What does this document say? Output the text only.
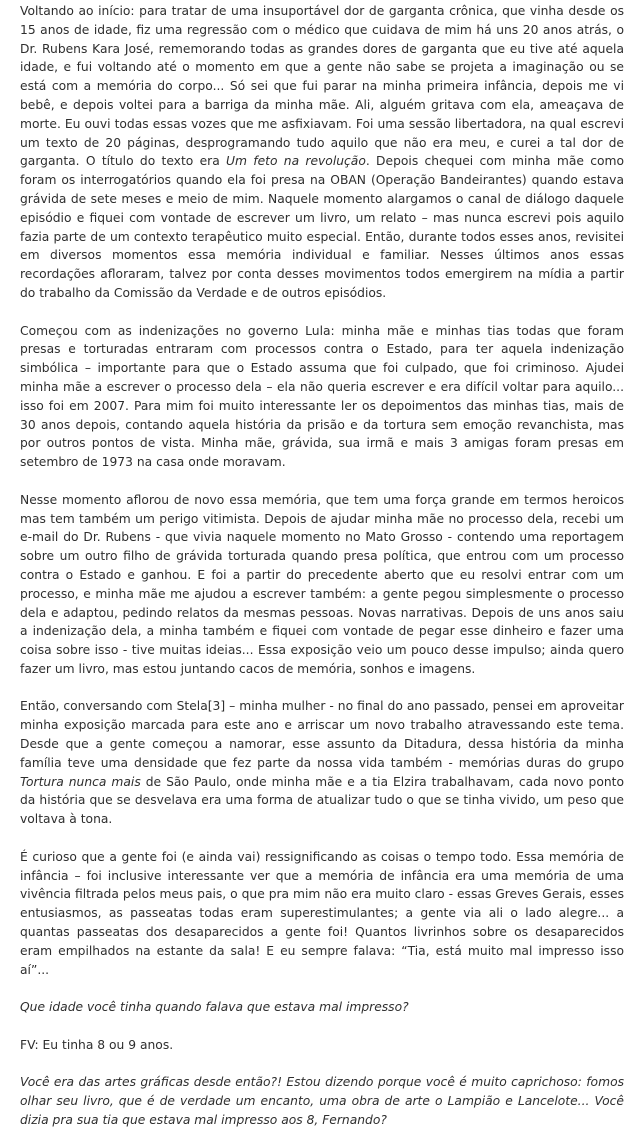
Voltando ao início: para tratar de uma insuportável dor de garganta crônica, que vinha desde os 15 anos de idade, fiz uma regressão com o médico que cuidava de mim há uns 20 anos atrás, o Dr. Rubens Kara José, rememorando todas as grandes dores de garganta que eu tive até aquela idade, e fui voltando até o momento em que a gente não sabe se projeta a imaginação ou se está com a memória do corpo... Só sei que fui parar na minha primeira infância, depois me vi bebê, e depois voltei para a barriga da minha mãe. Ali, alguém gritava com ela, ameaçava de morte. Eu ouvi todas essas vozes que me asfixiavam. Foi uma sessão libertadora, na qual escrevi um texto de 20 páginas, desprogramando tudo aquilo que não era meu, e curei a tal dor de garganta. O título do texto era Um feto na revolução. Depois chequei com minha mãe como foram os interrogatórios quando ela foi presa na OBAN (Operação Bandeirantes) quando estava grávida de sete meses e meio de mim. Naquele momento alargamos o canal de diálogo daquele episódio e fiquei com vontade de escrever um livro, um relato – mas nunca escrevi pois aquilo fazia parte de um contexto terapêutico muito especial. Então, durante todos esses anos, revisitei em diversos momentos essa memória individual e familiar. Nesses últimos anos essas recordações afloraram, talvez por conta desses movimentos todos emergirem na mídia a partir do trabalho da Comissão da Verdade e de outros episódios.

Começou com as indenizações no governo Lula: minha mãe e minhas tias todas que foram presas e torturadas entraram com processos contra o Estado, para ter aquela indenização simbólica – importante para que o Estado assuma que foi culpado, que foi criminoso. Ajudei minha mãe a escrever o processo dela – ela não queria escrever e era difícil voltar para aquilo... isso foi em 2007. Para mim foi muito interessante ler os depoimentos das minhas tias, mais de 30 anos depois, contando aquela história da prisão e da tortura sem emoção revanchista, mas por outros pontos de vista. Minha mãe, grávida, sua irmã e mais 3 amigas foram presas em setembro de 1973 na casa onde moravam.

Nesse momento aflorou de novo essa memória, que tem uma força grande em termos heroicos mas tem também um perigo vitimista. Depois de ajudar minha mãe no processo dela, recebi um e-mail do Dr. Rubens - que vivia naquele momento no Mato Grosso - contendo uma reportagem sobre um outro filho de grávida torturada quando presa política, que entrou com um processo contra o Estado e ganhou. E foi a partir do precedente aberto que eu resolvi entrar com um processo, e minha mãe me ajudou a escrever também: a gente pegou simplesmente o processo dela e adaptou, pedindo relatos da mesmas pessoas. Novas narrativas. Depois de uns anos saiu a indenização dela, a minha também e fiquei com vontade de pegar esse dinheiro e fazer uma coisa sobre isso - tive muitas ideias... Essa exposição veio um pouco desse impulso; ainda quero fazer um livro, mas estou juntando cacos de memória, sonhos e imagens.

Então, conversando com Stela[3] – minha mulher - no final do ano passado, pensei em aproveitar minha exposição marcada para este ano e arriscar um novo trabalho atravessando este tema. Desde que a gente começou a namorar, esse assunto da Ditadura, dessa história da minha família teve uma densidade que fez parte da nossa vida também - memórias duras do grupo Tortura nunca mais de São Paulo, onde minha mãe e a tia Elzira trabalhavam, cada novo ponto da história que se desvelava era uma forma de atualizar tudo o que se tinha vivido, um peso que voltava à tona.

É curioso que a gente foi (e ainda vai) ressignificando as coisas o tempo todo. Essa memória de infância – foi inclusive interessante ver que a memória de infância era uma memória de uma vivência filtrada pelos meus pais, o que pra mim não era muito claro - essas Greves Gerais, esses entusiasmos, as passeatas todas eram superestimulantes; a gente via ali o lado alegre... a quantas passeatas dos desaparecidos a gente foi! Quantos livrinhos sobre os desaparecidos eram empilhados na estante da sala! E eu sempre falava: “Tia, está muito mal impresso isso aí”...

Que idade você tinha quando falava que estava mal impresso?

FV: Eu tinha 8 ou 9 anos.

Você era das artes gráficas desde então?! Estou dizendo porque você é muito caprichoso: fomos olhar seu livro, que é de verdade um encanto, uma obra de arte o Lampião e Lancelote... Você dizia pra sua tia que estava mal impresso aos 8, Fernando?
